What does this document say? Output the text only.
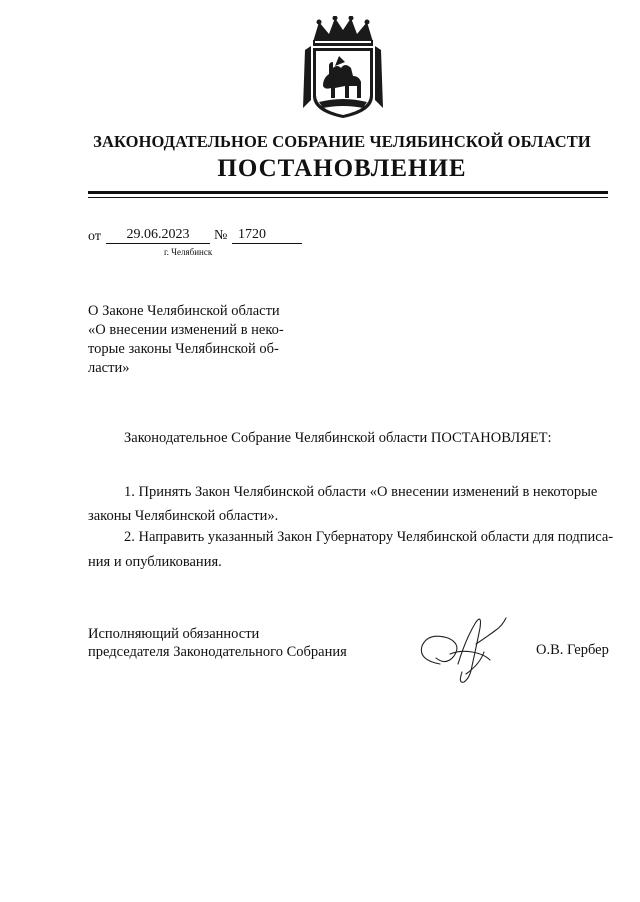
ЗАКОНОДАТЕЛЬНОЕ СОБРАНИЕ ЧЕЛЯБИНСКОЙ ОБЛАСТИ
ПОСТАНОВЛЕНИЕ
от	29.06.2023	№ 1720
г. Челябинск
О Законе Челябинской области
«О внесении изменений в неко-
торые законы Челябинской об-
ласти»
Законодательное Собрание Челябинской области ПОСТАНОВЛЯЕТ:
1. Принять Закон Челябинской области «О внесении изменений в некоторые
законы Челябинской области».
2. Направить указанный Закон Губернатору Челябинской области для подписа-
ния и опубликования.
Исполняющий обязанности
председателя Законодательного Собрания	О.В. Гербер
